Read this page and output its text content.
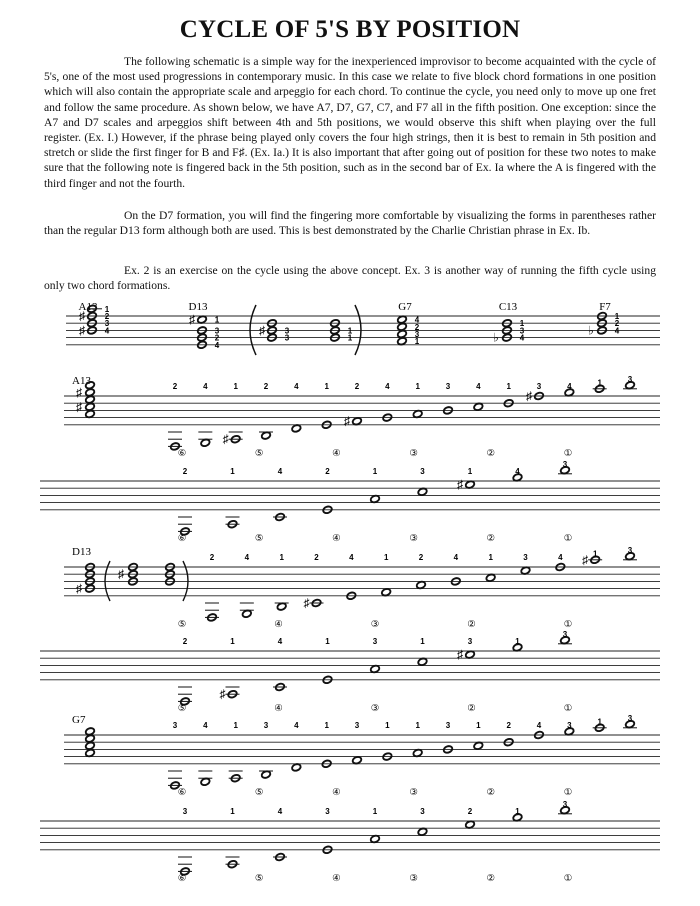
CYCLE OF 5'S BY POSITION

The following schematic is a simple way for the inexperienced improvisor to become acquainted with the cycle of 5's, one of the most used progressions in contemporary music. In this case we relate to five block chord formations in one position which will also contain the appropriate scale and arpeggio for each chord. To continue the cycle, you need only to move up one fret and follow the same procedure. As shown below, we have A7, D7, G7, C7, and F7 all in the fifth position. One exception: since the A7 and D7 scales and arpeggios shift between 4th and 5th positions, we would observe this shift when playing over the full register. (Ex. I.) However, if the phrase being played only covers the four high strings, then it is best to remain in 5th position and stretch or slide the first finger for B and F♯. (Ex. Ia.) It is also important that after going out of position for these two notes to make sure that the following note is fingered back in the 5th position, such as in the second bar of Ex. Ia where the A is fingered with the third finger and not the fourth.

On the D7 formation, you will find the fingering more comfortable by visualizing the forms in parentheses rather than the regular D13 form although both are used. This is best demonstrated by the Charlie Christian phrase in Ex. Ib.

Ex. 2 is an exercise on the cycle using the above concept. Ex. 3 is another way of running the fifth cycle using only two chord formations.

A13	D13	G7	C13	F7
♯
♯ 4
3
2
1
♯
4
2
3
1
♯
3
3
1
1
4
2
3
1	♭
1
3
4
♭
1
2
4
A13
♯
♯
2	4
♯
1	2	4	1
♯
2	4	1	3	4	1
♯
3	4	1	3
⑥	⑤	④	③	②	①
2	1	4	2	1	3
♯
1	4
3
⑥	⑤	④	③	②	①
D13
♯
♯
2	4	1
♯
2	4	1	2	4	1	3	4 ♯ 1	3
⑤	④	③	②	①
2
♯
1	4	1	3	1
♯
3	1
3
⑤	④	③	②	①
G7	3	4	1	3	4	1	3	1	1	3	1	2	4	3	1	3
⑥	⑤	④	③	②	①
3	1	4	3	1	3	2	1
3
⑥	⑤	④	③	②	①
